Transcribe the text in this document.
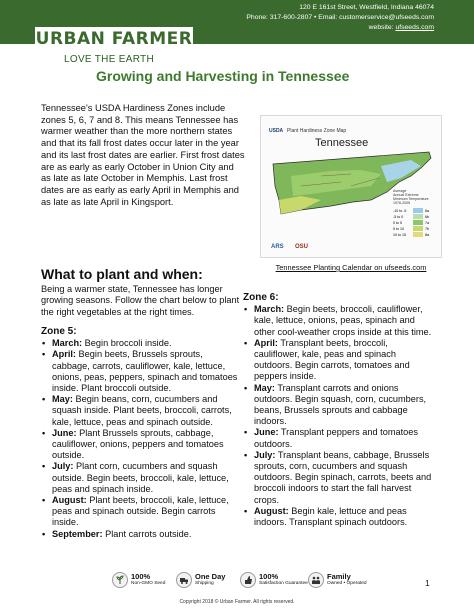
120 E 161st Street, Westfield, Indiana 46074
Phone: 317-600-2807 • Email: customerservice@ufseeds.com
website: ufseeds.com
URBAN FARMER
LOVE THE EARTH
Growing and Harvesting in Tennessee
Tennessee's USDA Hardiness Zones include zones 5, 6, 7 and 8. This means Tennessee has warmer weather than the more northern states and that its fall frost dates occur later in the year and its last frost dates are earlier. First frost dates are as early as early October in Union City and as late as late October in Memphis. Last frost dates are as early as early April in Memphis and as late as late April in Kingsport.
USDA Plant Hardiness Zone Map
Tennessee
Average
Annual Extreme
Minimum Temperature
1976-2005
-10 to -5	6a
-5 to 0	6b
0 to 5	7a
5 to 10	7b
10 to 15	8a
ARS OSU
Tennessee Planting Calendar on ufseeds.com
What to plant and when:
Being a warmer state, Tennessee has longer growing seasons. Follow the chart below to plant the right vegetables at the right times.
Zone 5:
• March: Begin broccoli inside.
• April: Begin beets, Brussels sprouts, cabbage, carrots, cauliflower, kale, lettuce, onions, peas, peppers, spinach and tomatoes inside. Plant broccoli outside.
• May: Begin beans, corn, cucumbers and squash inside. Plant beets, broccoli, carrots, kale, lettuce, peas and spinach outside.
• June: Plant Brussels sprouts, cabbage, cauliflower, onions, peppers and tomatoes outside.
• July: Plant corn, cucumbers and squash outside. Begin beets, broccoli, kale, lettuce, peas and spinach inside.
• August: Plant beets, broccoli, kale, lettuce, peas and spinach outside. Begin carrots inside.
• September: Plant carrots outside.
Zone 6:
• March: Begin beets, broccoli, cauliflower, kale, lettuce, onions, peas, spinach and other cool-weather crops inside at this time.
• April: Transplant beets, broccoli, cauliflower, kale, peas and spinach outdoors. Begin carrots, tomatoes and peppers inside.
• May: Transplant carrots and onions outdoors. Begin squash, corn, cucumbers, beans, Brussels sprouts and cabbage indoors.
• June: Transplant peppers and tomatoes outdoors.
• July: Transplant beans, cabbage, Brussels sprouts, corn, cucumbers and squash outdoors. Begin spinach, carrots, beets and broccoli indoors to start the fall harvest crops.
• August: Begin kale, lettuce and peas indoors. Transplant spinach outdoors.
100%
Non-GMO Seed
One Day
Shipping
100%
Satisfaction Guarantee
Family
Owned • Operated	1
Copyright 2018 © Urban Farmer. All rights reserved.
